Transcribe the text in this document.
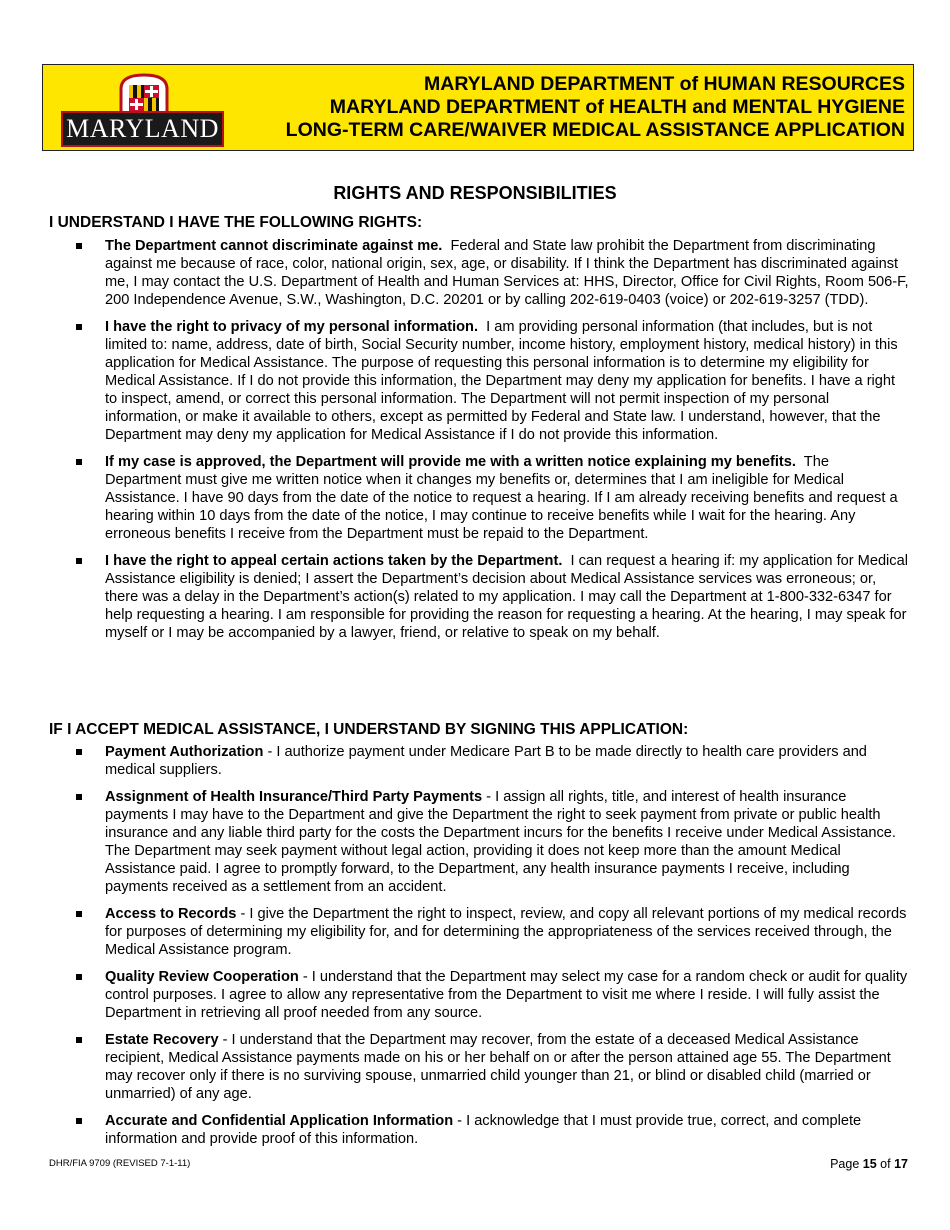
MARYLAND
MARYLAND DEPARTMENT of HUMAN RESOURCES
MARYLAND DEPARTMENT of HEALTH and MENTAL HYGIENE
LONG-TERM CARE/WAIVER MEDICAL ASSISTANCE APPLICATION
RIGHTS AND RESPONSIBILITIES
I UNDERSTAND I HAVE THE FOLLOWING RIGHTS:
The Department cannot discriminate against me. Federal and State law prohibit the Department from discriminating against me because of race, color, national origin, sex, age, or disability. If I think the Department has discriminated against me, I may contact the U.S. Department of Health and Human Services at: HHS, Director, Office for Civil Rights, Room 506-F, 200 Independence Avenue, S.W., Washington, D.C. 20201 or by calling 202-619-0403 (voice) or 202-619-3257 (TDD).
I have the right to privacy of my personal information. I am providing personal information (that includes, but is not limited to: name, address, date of birth, Social Security number, income history, employment history, medical history) in this application for Medical Assistance. The purpose of requesting this personal information is to determine my eligibility for Medical Assistance. If I do not provide this information, the Department may deny my application for benefits. I have a right to inspect, amend, or correct this personal information. The Department will not permit inspection of my personal information, or make it available to others, except as permitted by Federal and State law. I understand, however, that the Department may deny my application for Medical Assistance if I do not provide this information.
If my case is approved, the Department will provide me with a written notice explaining my benefits. The Department must give me written notice when it changes my benefits or, determines that I am ineligible for Medical Assistance. I have 90 days from the date of the notice to request a hearing. If I am already receiving benefits and request a hearing within 10 days from the date of the notice, I may continue to receive benefits while I wait for the hearing. Any erroneous benefits I receive from the Department must be repaid to the Department.
I have the right to appeal certain actions taken by the Department. I can request a hearing if: my application for Medical Assistance eligibility is denied; I assert the Department’s decision about Medical Assistance services was erroneous; or, there was a delay in the Department’s action(s) related to my application. I may call the Department at 1-800-332-6347 for help requesting a hearing. I am responsible for providing the reason for requesting a hearing. At the hearing, I may speak for myself or I may be accompanied by a lawyer, friend, or relative to speak on my behalf.
IF I ACCEPT MEDICAL ASSISTANCE, I UNDERSTAND BY SIGNING THIS APPLICATION:
Payment Authorization - I authorize payment under Medicare Part B to be made directly to health care providers and medical suppliers.
Assignment of Health Insurance/Third Party Payments - I assign all rights, title, and interest of health insurance payments I may have to the Department and give the Department the right to seek payment from private or public health insurance and any liable third party for the costs the Department incurs for the benefits I receive under Medical Assistance. The Department may seek payment without legal action, providing it does not keep more than the amount Medical Assistance paid. I agree to promptly forward, to the Department, any health insurance payments I receive, including payments received as a settlement from an accident.
Access to Records - I give the Department the right to inspect, review, and copy all relevant portions of my medical records for purposes of determining my eligibility for, and for determining the appropriateness of the services received through, the Medical Assistance program.
Quality Review Cooperation - I understand that the Department may select my case for a random check or audit for quality control purposes. I agree to allow any representative from the Department to visit me where I reside. I will fully assist the Department in retrieving all proof needed from any source.
Estate Recovery - I understand that the Department may recover, from the estate of a deceased Medical Assistance recipient, Medical Assistance payments made on his or her behalf on or after the person attained age 55. The Department may recover only if there is no surviving spouse, unmarried child younger than 21, or blind or disabled child (married or unmarried) of any age.
Accurate and Confidential Application Information - I acknowledge that I must provide true, correct, and complete information and provide proof of this information.
DHR/FIA 9709 (REVISED 7-1-11)	Page 15 of 17
